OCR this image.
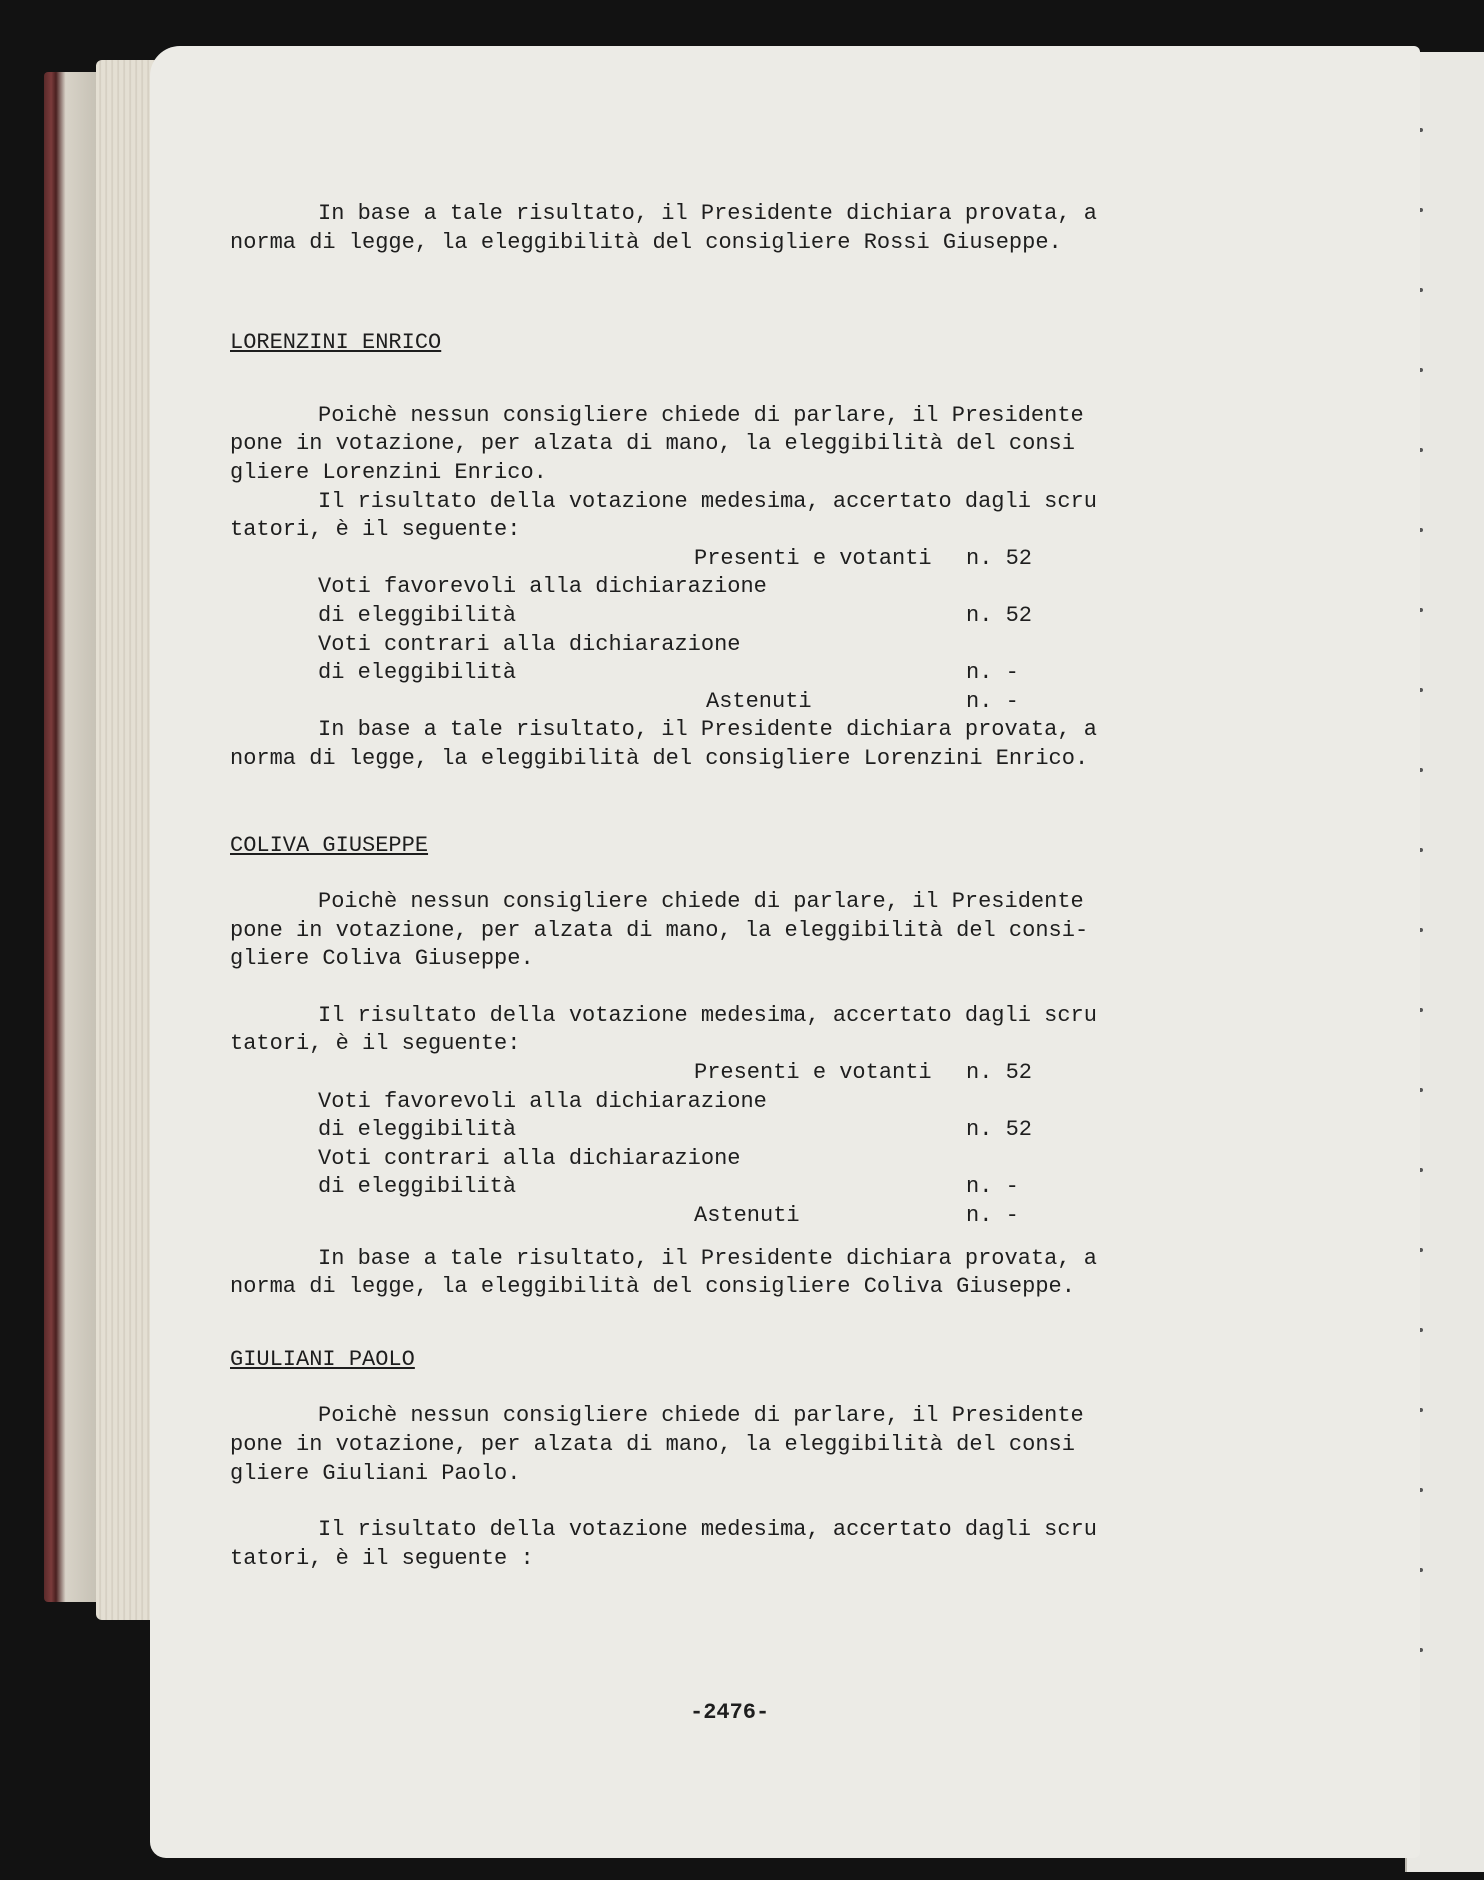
In base a tale risultato, il Presidente dichiara provata, a

norma di legge, la eleggibilità del consigliere Rossi Giuseppe.

LORENZINI ENRICO

Poichè nessun consigliere chiede di parlare, il Presidente

pone in votazione, per alzata di mano, la eleggibilità del consi

gliere Lorenzini Enrico.

Il risultato della votazione medesima, accertato dagli scru

tatori, è il seguente:

Presenti e votanti n. 52
Voti favorevoli alla dichiarazione
di eleggibilità	n. 52
Voti contrari alla dichiarazione
di eleggibilità	n. -
Astenuti	n. -

In base a tale risultato, il Presidente dichiara provata, a

norma di legge, la eleggibilità del consigliere Lorenzini Enrico.

COLIVA GIUSEPPE

Poichè nessun consigliere chiede di parlare, il Presidente

pone in votazione, per alzata di mano, la eleggibilità del consi-

gliere Coliva Giuseppe.

Il risultato della votazione medesima, accertato dagli scru

tatori, è il seguente:

Presenti e votanti n. 52
Voti favorevoli alla dichiarazione
di eleggibilità	n. 52
Voti contrari alla dichiarazione
di eleggibilità	n. -
Astenuti	n. -

In base a tale risultato, il Presidente dichiara provata, a

norma di legge, la eleggibilità del consigliere Coliva Giuseppe.

GIULIANI PAOLO

Poichè nessun consigliere chiede di parlare, il Presidente

pone in votazione, per alzata di mano, la eleggibilità del consi

gliere Giuliani Paolo.

Il risultato della votazione medesima, accertato dagli scru

tatori, è il seguente :

-2476-
